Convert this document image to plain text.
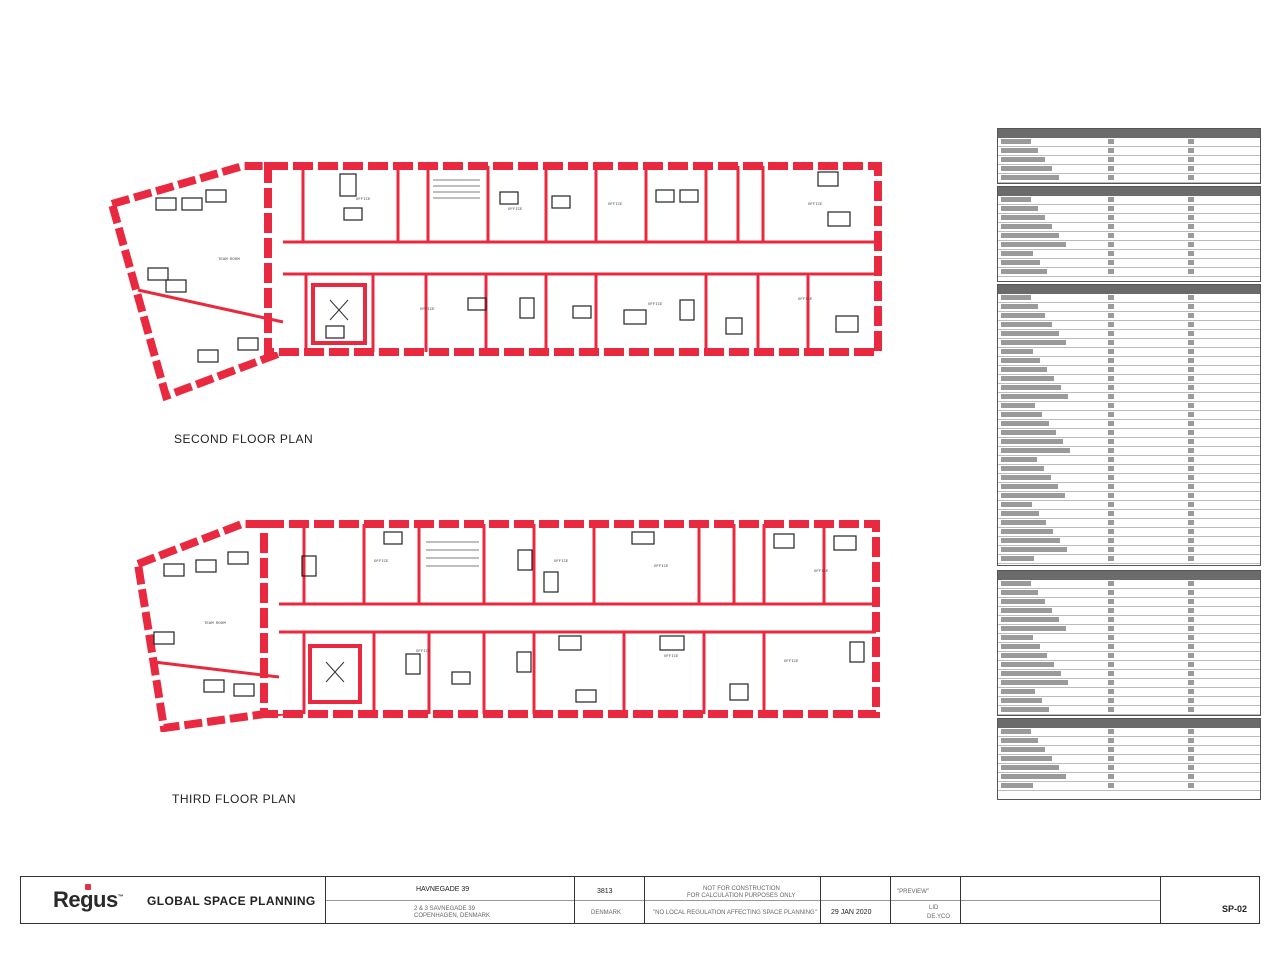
TEAM ROOM
OFFICE
OFFICE
OFFICE	OFFICE
OFFICE
OFFICE
OFFICE
SECOND FLOOR PLAN
TEAM ROOM
OFFICE	OFFICE
OFFICE
OFFICE
OFFICE
OFFICE
OFFICE
THIRD FLOOR PLAN
Regus™ GLOBAL SPACE PLANNING
HAVNEGADE 39
2 & 3 SAVNEGADE 39
COPENHAGEN, DENMARK
3813
DENMARK
NOT FOR CONSTRUCTION
FOR CALCULATION PURPOSES ONLY
"NO LOCAL REGULATION AFFECTING SPACE PLANNING" 29 JAN 2020
"PREVIEW"
LID
DE.YCO
SP-02
